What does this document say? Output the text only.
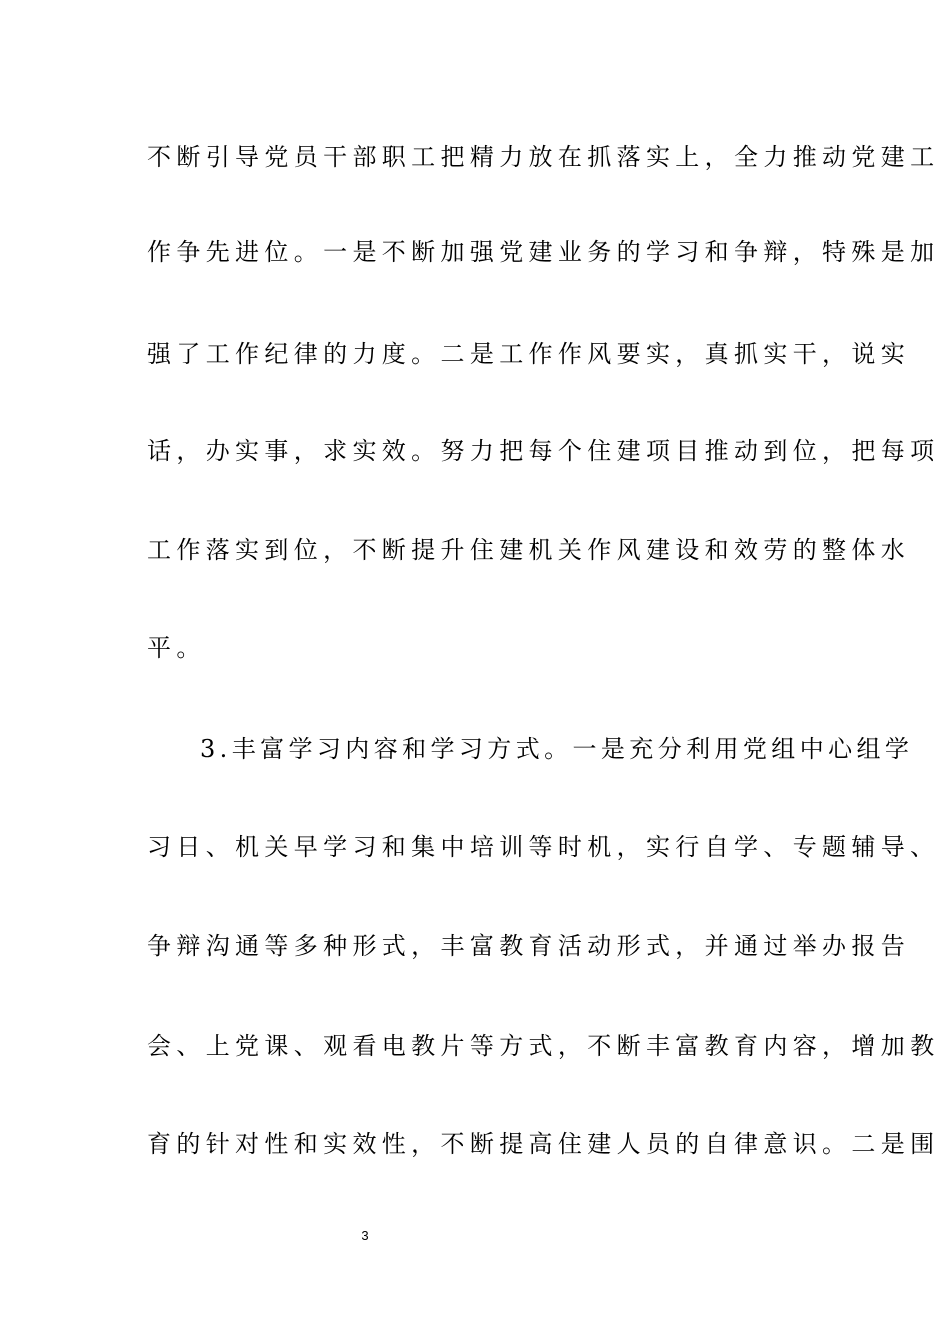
不断引导党员干部职工把精力放在抓落实上，全力推动党建工
作争先进位。一是不断加强党建业务的学习和争辩，特殊是加
强了工作纪律的力度。二是工作作风要实，真抓实干，说实
话，办实事，求实效。努力把每个住建项目推动到位，把每项
工作落实到位，不断提升住建机关作风建设和效劳的整体水
平。
3.丰富学习内容和学习方式。一是充分利用党组中心组学
习日、机关早学习和集中培训等时机，实行自学、专题辅导、
争辩沟通等多种形式，丰富教育活动形式，并通过举办报告
会、上党课、观看电教片等方式，不断丰富教育内容，增加教
育的针对性和实效性，不断提高住建人员的自律意识。二是围
3
